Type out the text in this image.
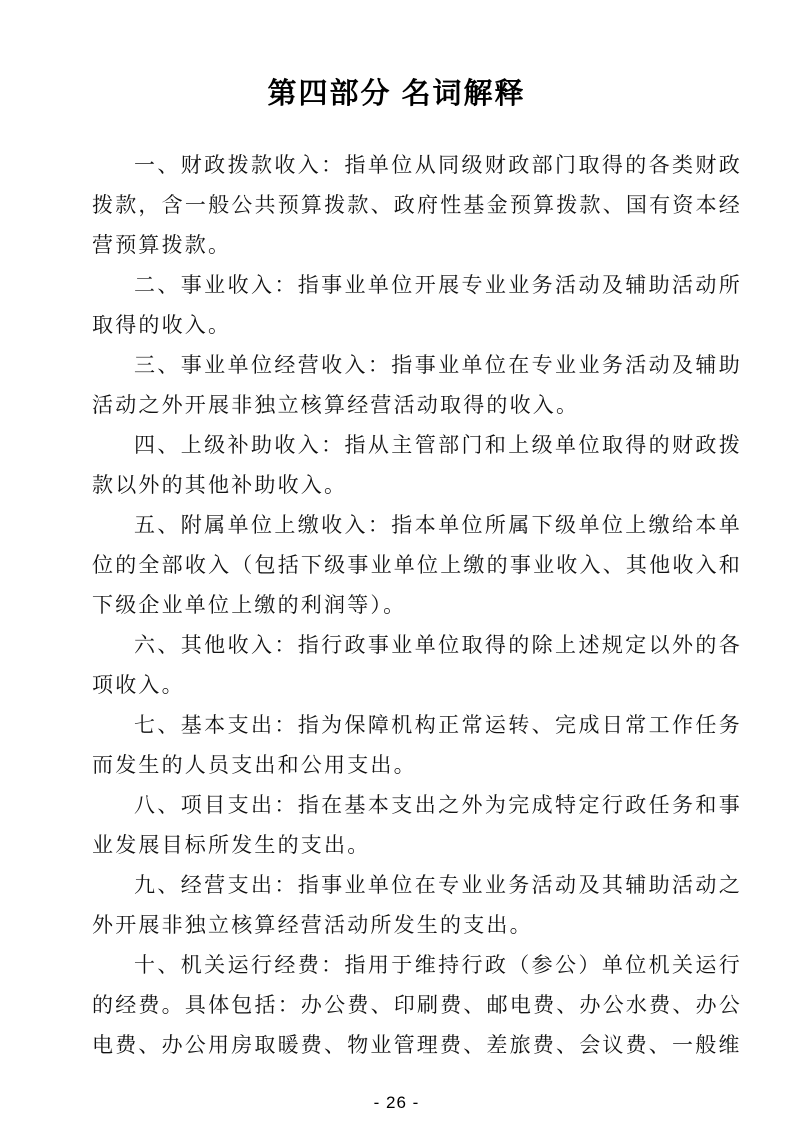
第四部分 名词解释

一、财政拨款收入：指单位从同级财政部门取得的各类财政拨款，含一般公共预算拨款、政府性基金预算拨款、国有资本经营预算拨款。

二、事业收入：指事业单位开展专业业务活动及辅助活动所取得的收入。

三、事业单位经营收入：指事业单位在专业业务活动及辅助活动之外开展非独立核算经营活动取得的收入。

四、上级补助收入：指从主管部门和上级单位取得的财政拨款以外的其他补助收入。

五、附属单位上缴收入：指本单位所属下级单位上缴给本单位的全部收入（包括下级事业单位上缴的事业收入、其他收入和下级企业单位上缴的利润等）。

六、其他收入：指行政事业单位取得的除上述规定以外的各项收入。

七、基本支出：指为保障机构正常运转、完成日常工作任务而发生的人员支出和公用支出。

八、项目支出：指在基本支出之外为完成特定行政任务和事业发展目标所发生的支出。

九、经营支出：指事业单位在专业业务活动及其辅助活动之外开展非独立核算经营活动所发生的支出。

十、机关运行经费：指用于维持行政（参公）单位机关运行的经费。具体包括：办公费、印刷费、邮电费、办公水费、办公电费、办公用房取暖费、物业管理费、差旅费、会议费、一般维

- 26 -
